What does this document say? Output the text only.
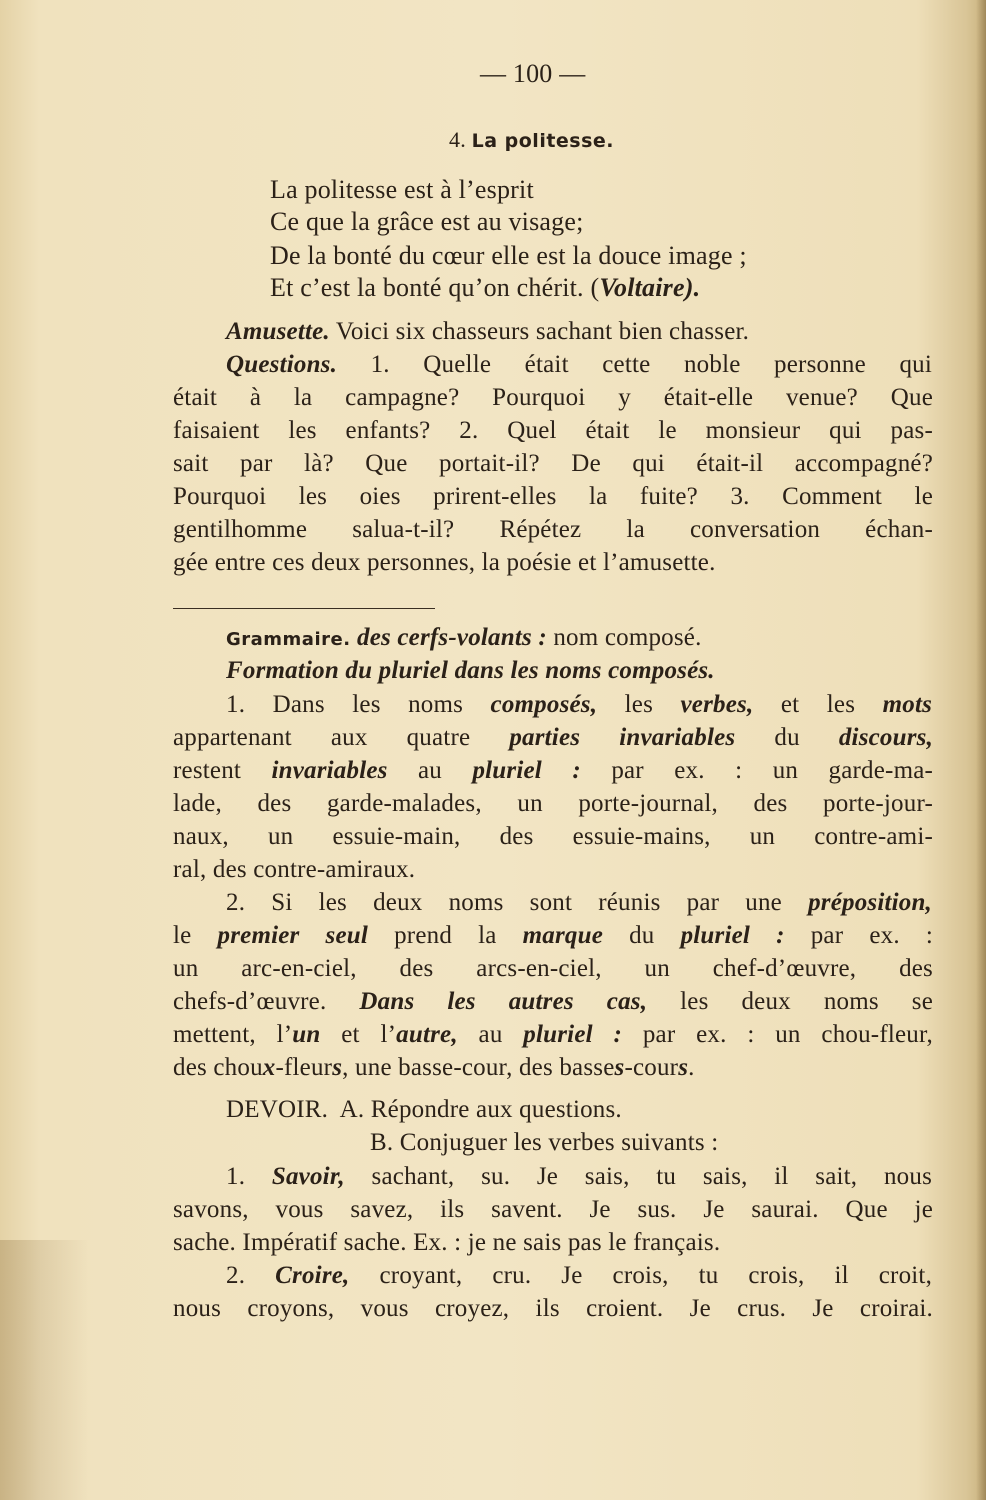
— 100 —
4. La politesse.
La politesse est à l’esprit
Ce que la grâce est au visage;
De la bonté du cœur elle est la douce image ;
Et c’est la bonté qu’on chérit. (Voltaire).
Amusette. Voici six chasseurs sachant bien chasser.
Questions. 1. Quelle était cette noble personne qui
était à la campagne? Pourquoi y était-elle venue? Que
faisaient les enfants? 2. Quel était le monsieur qui pas-
sait par là? Que portait-il? De qui était-il accompagné?
Pourquoi les oies prirent-elles la fuite? 3. Comment le
gentilhomme salua-t-il? Répétez la conversation échan-
gée entre ces deux personnes, la poésie et l’amusette.
Grammaire. des cerfs-volants : nom composé.
Formation du pluriel dans les noms composés.
1. Dans les noms composés, les verbes, et les mots
appartenant aux quatre parties invariables du discours,
restent invariables au pluriel : par ex. : un garde-ma-
lade, des garde-malades, un porte-journal, des porte-jour-
naux, un essuie-main, des essuie-mains, un contre-ami-
ral, des contre-amiraux.
2. Si les deux noms sont réunis par une préposition,
le premier seul prend la marque du pluriel : par ex. :
un arc-en-ciel, des arcs-en-ciel, un chef-d’œuvre, des
chefs-d’œuvre. Dans les autres cas, les deux noms se
mettent, l’un et l’autre, au pluriel : par ex. : un chou-fleur,
des choux-fleurs, une basse-cour, des basses-cours.
DEVOIR. A. Répondre aux questions.
B. Conjuguer les verbes suivants :
1. Savoir, sachant, su. Je sais, tu sais, il sait, nous
savons, vous savez, ils savent. Je sus. Je saurai. Que je
sache. Impératif sache. Ex. : je ne sais pas le français.
2. Croire, croyant, cru. Je crois, tu crois, il croit,
nous croyons, vous croyez, ils croient. Je crus. Je croirai.
